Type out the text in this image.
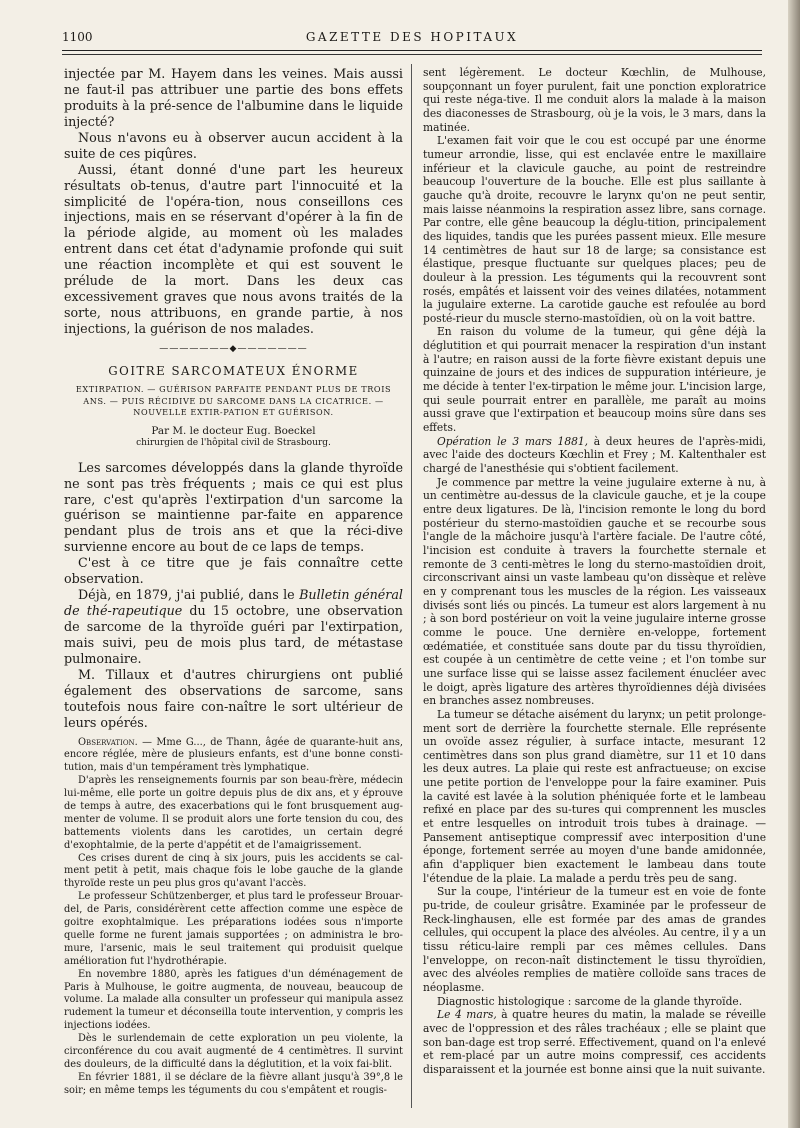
1100	GAZETTE DES HOPITAUX

injectée par M. Hayem dans les veines. Mais aussi ne faut-il pas attribuer une partie des bons effets produits à la pré-sence de l'albumine dans le liquide injecté?

Nous n'avons eu à observer aucun accident à la suite de ces piqûres.

Aussi, étant donné d'une part les heureux résultats ob-tenus, d'autre part l'innocuité et la simplicité de l'opéra-tion, nous conseillons ces injections, mais en se réservant d'opérer à la fin de la période algide, au moment où les malades entrent dans cet état d'adynamie profonde qui suit une réaction incomplète et qui est souvent le prélude de la mort. Dans les deux cas excessivement graves que nous avons traités de la sorte, nous attribuons, en grande partie, à nos injections, la guérison de nos malades.

———————◆———————
GOITRE SARCOMATEUX ÉNORME
EXTIRPATION. — GUÉRISON PARFAITE PENDANT PLUS DE TROIS ANS. — PUIS RÉCIDIVE DU SARCOME DANS LA CICATRICE. — NOUVELLE EXTIR-PATION ET GUÉRISON.
Par M. le docteur Eug. Boeckel
chirurgien de l'hôpital civil de Strasbourg.

Les sarcomes développés dans la glande thyroïde ne sont pas très fréquents ; mais ce qui est plus rare, c'est qu'après l'extirpation d'un sarcome la guérison se maintienne par-faite en apparence pendant plus de trois ans et que la réci-dive survienne encore au bout de ce laps de temps.

C'est à ce titre que je fais connaître cette observation.

Déjà, en 1879, j'ai publié, dans le Bulletin général de thé-rapeutique du 15 octobre, une observation de sarcome de la thyroïde guéri par l'extirpation, mais suivi, peu de mois plus tard, de métastase pulmonaire.

M. Tillaux et d'autres chirurgiens ont publié également des observations de sarcome, sans toutefois nous faire con-naître le sort ultérieur de leurs opérés.

Observation. — Mme G..., de Thann, âgée de quarante-huit ans, encore réglée, mère de plusieurs enfants, est d'une bonne consti-tution, mais d'un tempérament très lymphatique.

D'après les renseignements fournis par son beau-frère, médecin lui-même, elle porte un goitre depuis plus de dix ans, et y éprouve de temps à autre, des exacerbations qui le font brusquement aug-menter de volume. Il se produit alors une forte tension du cou, des battements violents dans les carotides, un certain degré d'exophtalmie, de la perte d'appétit et de l'amaigrissement.

Ces crises durent de cinq à six jours, puis les accidents se cal-ment petit à petit, mais chaque fois le lobe gauche de la glande thyroïde reste un peu plus gros qu'avant l'accès.

Le professeur Schützenberger, et plus tard le professeur Brouar-del, de Paris, considérèrent cette affection comme une espèce de goitre exophtalmique. Les préparations iodées sous n'importe quelle forme ne furent jamais supportées ; on administra le bro-mure, l'arsenic, mais le seul traitement qui produisit quelque amélioration fut l'hydrothérapie.

En novembre 1880, après les fatigues d'un déménagement de Paris à Mulhouse, le goitre augmenta, de nouveau, beaucoup de volume. La malade alla consulter un professeur qui manipula assez rudement la tumeur et déconseilla toute intervention, y compris les injections iodées.

Dès le surlendemain de cette exploration un peu violente, la circonférence du cou avait augmenté de 4 centimètres. Il survint des douleurs, de la difficulté dans la déglutition, et la voix fai-blit.

En février 1881, il se déclare de la fièvre allant jusqu'à 39°,8 le soir; en même temps les téguments du cou s'empâtent et rougis-

sent légèrement. Le docteur Kœchlin, de Mulhouse, soupçonnant un foyer purulent, fait une ponction exploratrice qui reste néga-tive. Il me conduit alors la malade à la maison des diaconesses de Strasbourg, où je la vois, le 3 mars, dans la matinée.

L'examen fait voir que le cou est occupé par une énorme tumeur arrondie, lisse, qui est enclavée entre le maxillaire inférieur et la clavicule gauche, au point de restreindre beaucoup l'ouverture de la bouche. Elle est plus saillante à gauche qu'à droite, recouvre le larynx qu'on ne peut sentir, mais laisse néanmoins la respiration assez libre, sans cornage. Par contre, elle gêne beaucoup la déglu-tition, principalement des liquides, tandis que les purées passent mieux. Elle mesure 14 centimètres de haut sur 18 de large; sa consistance est élastique, presque fluctuante sur quelques places; peu de douleur à la pression. Les téguments qui la recouvrent sont rosés, empâtés et laissent voir des veines dilatées, notamment la jugulaire externe. La carotide gauche est refoulée au bord posté-rieur du muscle sterno-mastoïdien, où on la voit battre.

En raison du volume de la tumeur, qui gêne déjà la déglutition et qui pourrait menacer la respiration d'un instant à l'autre; en raison aussi de la forte fièvre existant depuis une quinzaine de jours et des indices de suppuration intérieure, je me décide à tenter l'ex-tirpation le même jour. L'incision large, qui seule pourrait entrer en parallèle, me paraît au moins aussi grave que l'extirpation et beaucoup moins sûre dans ses effets.

Opération le 3 mars 1881, à deux heures de l'après-midi, avec l'aide des docteurs Kœchlin et Frey ; M. Kaltenthaler est chargé de l'anesthésie qui s'obtient facilement.

Je commence par mettre la veine jugulaire externe à nu, à un centimètre au-dessus de la clavicule gauche, et je la coupe entre deux ligatures. De là, l'incision remonte le long du bord postérieur du sterno-mastoïdien gauche et se recourbe sous l'angle de la mâchoire jusqu'à l'artère faciale. De l'autre côté, l'incision est conduite à travers la fourchette sternale et remonte de 3 centi-mètres le long du sterno-mastoïdien droit, circonscrivant ainsi un vaste lambeau qu'on dissèque et relève en y comprenant tous les muscles de la région. Les vaisseaux divisés sont liés ou pincés. La tumeur est alors largement à nu ; à son bord postérieur on voit la veine jugulaire interne grosse comme le pouce. Une dernière en-veloppe, fortement œdématiée, et constituée sans doute par du tissu thyroïdien, est coupée à un centimètre de cette veine ; et l'on tombe sur une surface lisse qui se laisse assez facilement énucléer avec le doigt, après ligature des artères thyroïdiennes déjà divisées en branches assez nombreuses.

La tumeur se détache aisément du larynx; un petit prolonge-ment sort de derrière la fourchette sternale. Elle représente un ovoïde assez régulier, à surface intacte, mesurant 12 centimètres dans son plus grand diamètre, sur 11 et 10 dans les deux autres. La plaie qui reste est anfractueuse; on excise une petite portion de l'enveloppe pour la faire examiner. Puis la cavité est lavée à la solution phéniquée forte et le lambeau refixé en place par des su-tures qui comprennent les muscles et entre lesquelles on introduit trois tubes à drainage. — Pansement antiseptique compressif avec interposition d'une éponge, fortement serrée au moyen d'une bande amidonnée, afin d'appliquer bien exactement le lambeau dans toute l'étendue de la plaie. La malade a perdu très peu de sang.

Sur la coupe, l'intérieur de la tumeur est en voie de fonte pu-tride, de couleur grisâtre. Examinée par le professeur de Reck-linghausen, elle est formée par des amas de grandes cellules, qui occupent la place des alvéoles. Au centre, il y a un tissu réticu-laire rempli par ces mêmes cellules. Dans l'enveloppe, on recon-naît distinctement le tissu thyroïdien, avec des alvéoles remplies de matière colloïde sans traces de néoplasme.

Diagnostic histologique : sarcome de la glande thyroïde.

Le 4 mars, à quatre heures du matin, la malade se réveille avec de l'oppression et des râles trachéaux ; elle se plaint que son ban-dage est trop serré. Effectivement, quand on l'a enlevé et rem-placé par un autre moins compressif, ces accidents disparaissent et la journée est bonne ainsi que la nuit suivante.
